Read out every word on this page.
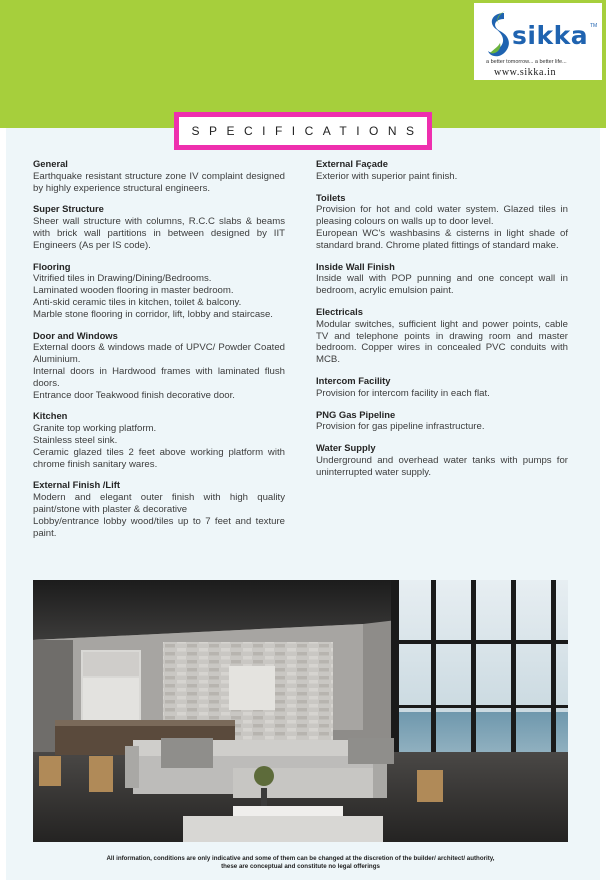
sikka TM
a better tomorrow... a better life...
www.sikka.in
SPECIFICATIONS
General
Earthquake resistant structure zone IV complaint designed by highly experience structural engineers.
Super Structure
Sheer wall structure with columns, R.C.C slabs & beams with brick wall partitions in between designed by IIT Engineers (As per IS code).
Flooring
Vitrified tiles in Drawing/Dining/Bedrooms.
Laminated wooden flooring in master bedroom.
Anti-skid ceramic tiles in kitchen, toilet & balcony.
Marble stone flooring in corridor, lift, lobby and staircase.
Door and Windows
External doors & windows made of UPVC/ Powder Coated Aluminium.
Internal doors in Hardwood frames with laminated flush doors.
Entrance door Teakwood finish decorative door.
Kitchen
Granite top working platform.
Stainless steel sink.
Ceramic glazed tiles 2 feet above working platform with chrome finish sanitary wares.
External Finish /Lift
Modern and elegant outer finish with high quality paint/stone with plaster & decorative
Lobby/entrance lobby wood/tiles up to 7 feet and texture paint.
External Façade
Exterior with superior paint finish.
Toilets
Provision for hot and cold water system. Glazed tiles in pleasing colours on walls up to door level.
European WC's washbasins & cisterns in light shade of standard brand. Chrome plated fittings of standard make.
Inside Wall Finish
Inside wall with POP punning and one concept wall in bedroom, acrylic emulsion paint.
Electricals
Modular switches, sufficient light and power points, cable TV and telephone points in drawing room and master bedroom. Copper wires in concealed PVC conduits with MCB.
Intercom Facility
Provision for intercom facility in each flat.
PNG Gas Pipeline
Provision for gas pipeline infrastructure.
Water Supply
Underground and overhead water tanks with pumps for uninterrupted water supply.
All information, conditions are only indicative and some of them can be changed at the discretion of the builder/ architect/ authority,
these are conceptual and constitute no legal offerings
